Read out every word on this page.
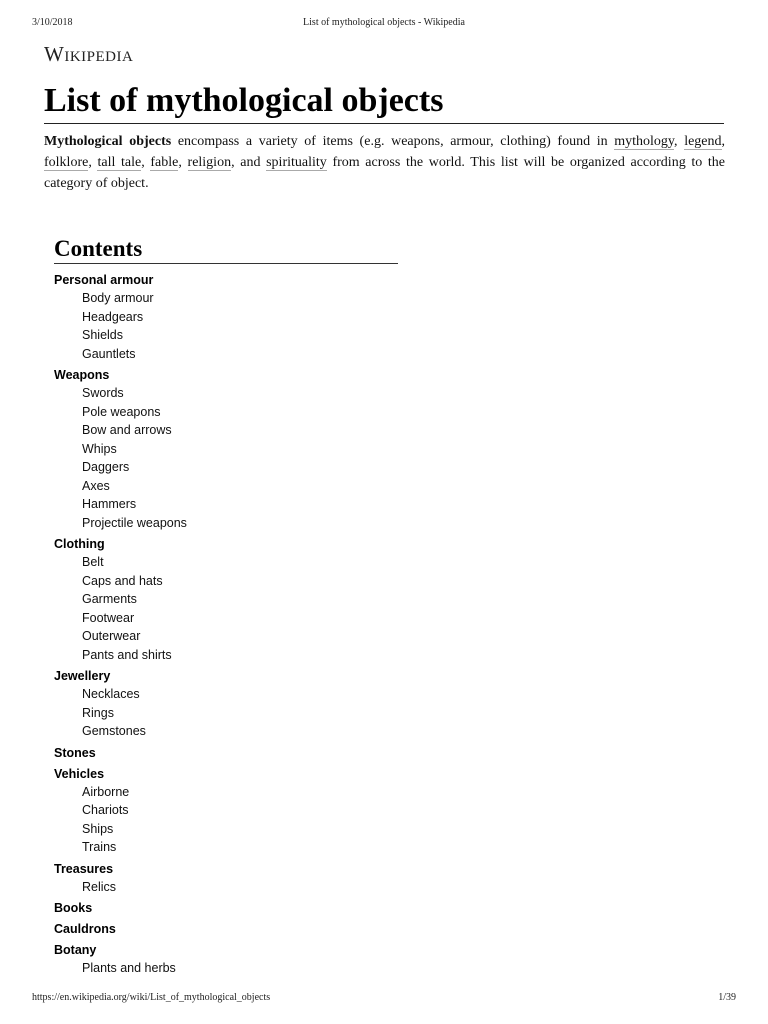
3/10/2018	List of mythological objects - Wikipedia
Wikipedia
List of mythological objects

Mythological objects encompass a variety of items (e.g. weapons, armour, clothing) found in mythology, legend, folklore, tall tale, fable, religion, and spirituality from across the world. This list will be organized according to the category of object.

Contents
Personal armour
Body armour
Headgears
Shields
Gauntlets
Weapons
Swords
Pole weapons
Bow and arrows
Whips
Daggers
Axes
Hammers
Projectile weapons
Clothing
Belt
Caps and hats
Garments
Footwear
Outerwear
Pants and shirts
Jewellery
Necklaces
Rings
Gemstones
Stones
Vehicles
Airborne
Chariots
Ships
Trains
Treasures
Relics
Books
Cauldrons
Botany
Plants and herbs
https://en.wikipedia.org/wiki/List_of_mythological_objects	1/39
